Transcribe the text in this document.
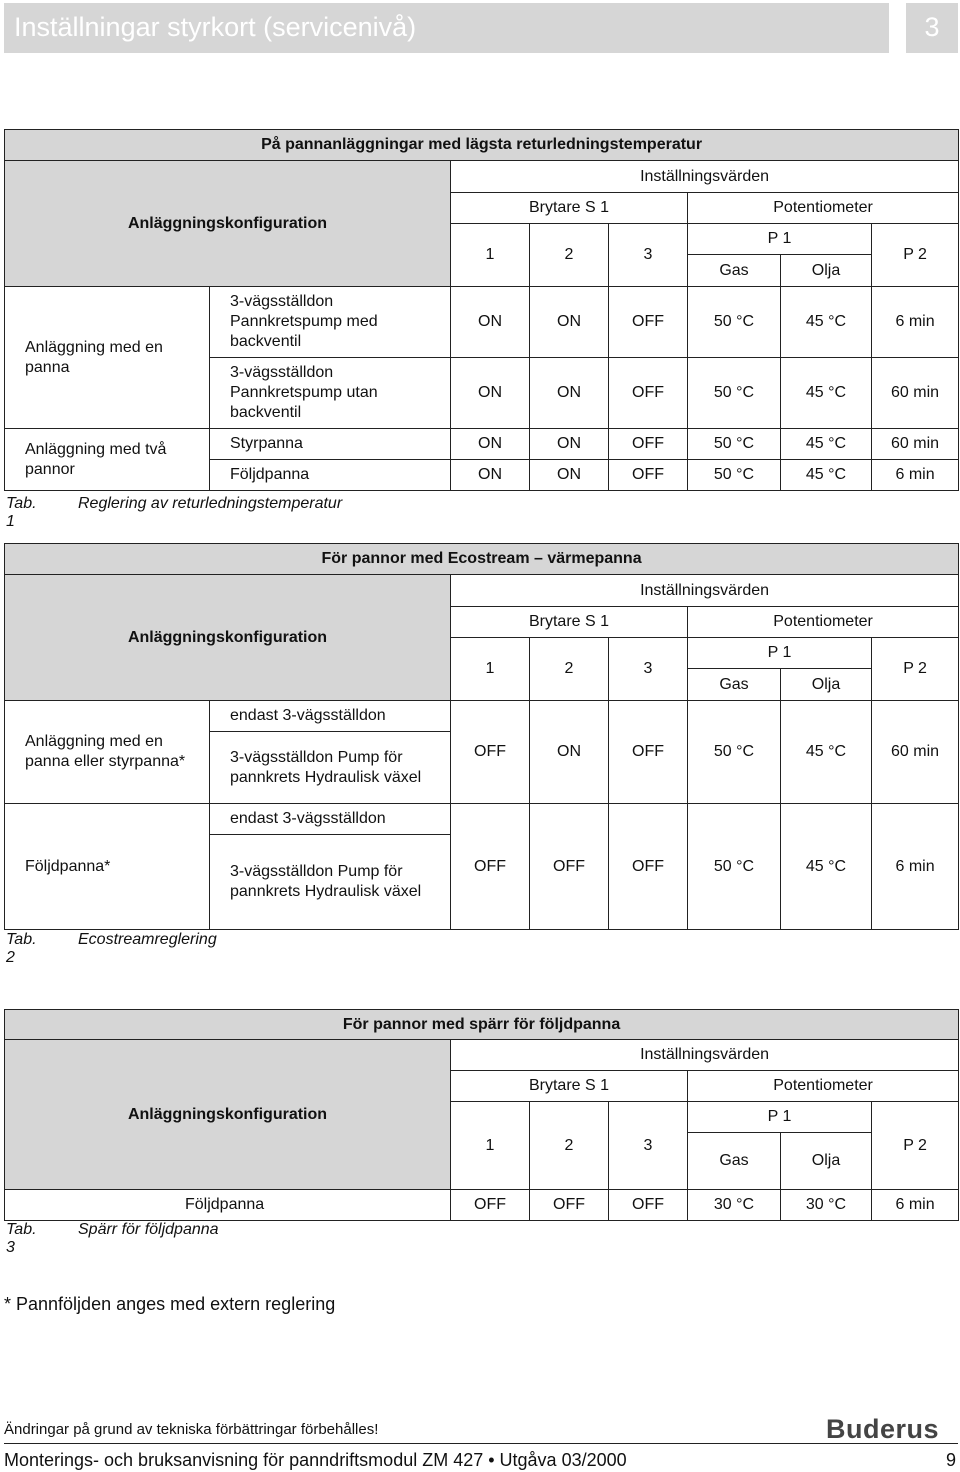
Inställningar styrkort (servicenivå)	3
På pannanläggningar med lägsta returledningstemperatur							
Anläggningskonfiguration		Inställningsvärden					
		Brytare S 1			Potentiometer		
		1	2	3	P 1		P 2
					Gas	Olja	
Anläggning med en panna	3-vägsställdon Pannkretspump med backventil	ON	ON	OFF	50 °C	45 °C	6 min
	3-vägsställdon Pannkretspump utan backventil	ON	ON	OFF	50 °C	45 °C	60 min
Anläggning med två pannor	Styrpanna	ON	ON	OFF	50 °C	45 °C	60 min
	Följdpanna	ON	ON	OFF	50 °C	45 °C	6 min
Tab. 1
Reglering av returledningstemperatur
För pannor med Ecostream – värmepanna							
Anläggningskonfiguration		Inställningsvärden					
		Brytare S 1			Potentiometer		
		1	2	3	P 1		P 2
					Gas	Olja	
Anläggning med en panna eller styrpanna*	endast 3-vägsställdon	OFF	ON	OFF	50 °C	45 °C	60 min
	3-vägsställdon Pump för pannkrets Hydraulisk växel						
Följdpanna*	endast 3-vägsställdon	OFF	OFF	OFF	50 °C	45 °C	6 min
	3-vägsställdon Pump för pannkrets Hydraulisk växel						
Tab. 2
Ecostreamreglering
För pannor med spärr för följdpanna						
Anläggningskonfiguration	Inställningsvärden					
	Brytare S 1			Potentiometer		
	1	2	3	P 1		P 2
				Gas	Olja	
Följdpanna	OFF	OFF	OFF	30 °C	30 °C	6 min
Tab. 3
Spärr för följdpanna
* Pannföljden anges med extern reglering
Ändringar på grund av tekniska förbättringar förbehålles!	Buderus
Monterings- och bruksanvisning för panndriftsmodul ZM 427 • Utgåva 03/2000	9
